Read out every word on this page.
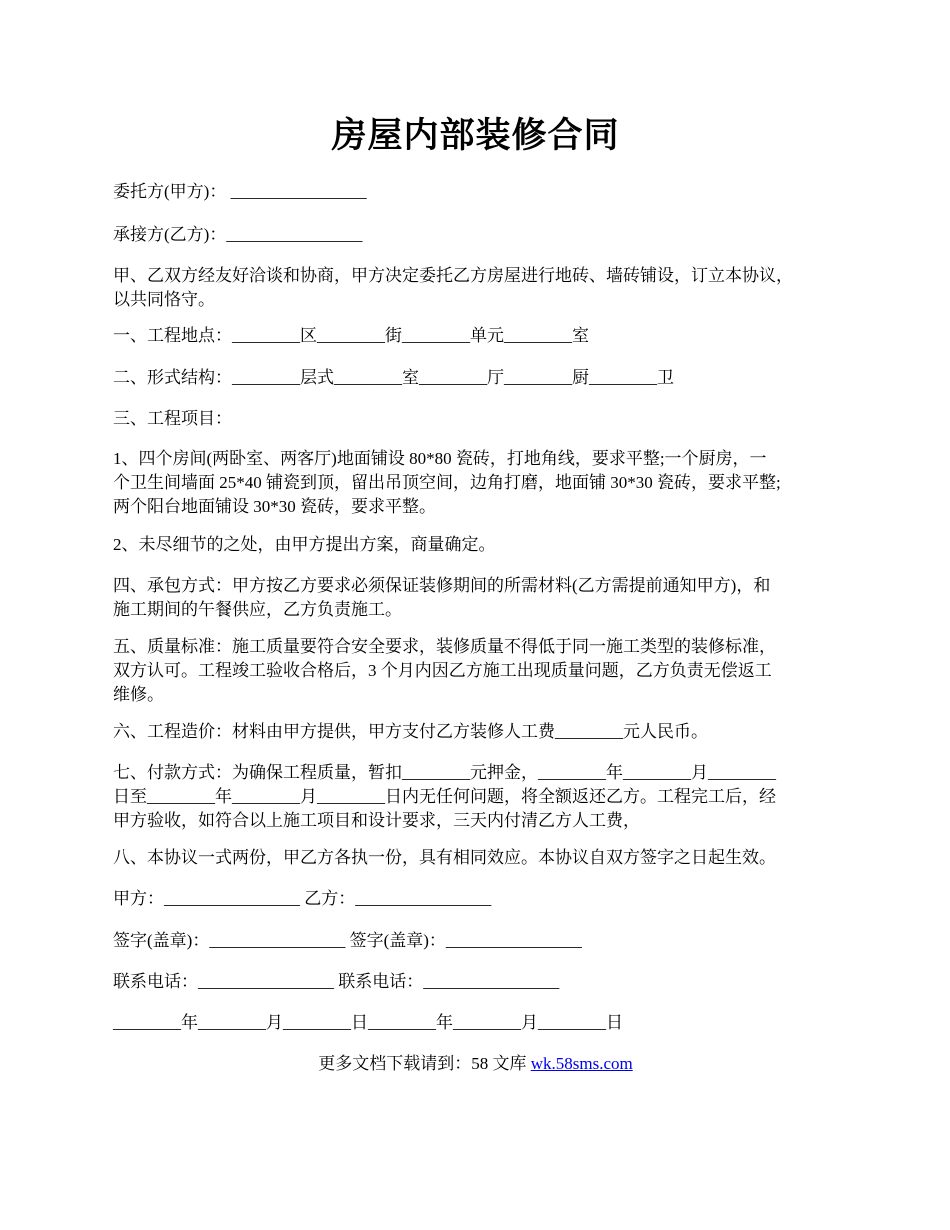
房屋内部装修合同
委托方(甲方)： ________________
承接方(乙方)：________________
甲、乙双方经友好洽谈和协商，甲方决定委托乙方房屋进行地砖、墙砖铺设，订立本协议，
以共同恪守。
一、工程地点：________区________街________单元________室
二、形式结构：________层式________室________厅________厨________卫
三、工程项目：
1、四个房间(两卧室、两客厅)地面铺设 80*80 瓷砖，打地角线，要求平整;一个厨房，一
个卫生间墙面 25*40 铺瓷到顶，留出吊顶空间，边角打磨，地面铺 30*30 瓷砖，要求平整;
两个阳台地面铺设 30*30 瓷砖，要求平整。
2、未尽细节的之处，由甲方提出方案，商量确定。
四、承包方式：甲方按乙方要求必须保证装修期间的所需材料(乙方需提前通知甲方)，和
施工期间的午餐供应，乙方负责施工。
五、质量标准：施工质量要符合安全要求，装修质量不得低于同一施工类型的装修标准，
双方认可。工程竣工验收合格后，3 个月内因乙方施工出现质量问题，乙方负责无偿返工
维修。
六、工程造价：材料由甲方提供，甲方支付乙方装修人工费________元人民币。
七、付款方式：为确保工程质量，暂扣________元押金，________年________月________
日至________年________月________日内无任何问题，将全额返还乙方。工程完工后，经
甲方验收，如符合以上施工项目和设计要求，三天内付清乙方人工费，
八、本协议一式两份，甲乙方各执一份，具有相同效应。本协议自双方签字之日起生效。
甲方：________________ 乙方：________________
签字(盖章)：________________ 签字(盖章)：________________
联系电话：________________ 联系电话：________________
________年________月________日________年________月________日
更多文档下载请到：58 文库 wk.58sms.com
